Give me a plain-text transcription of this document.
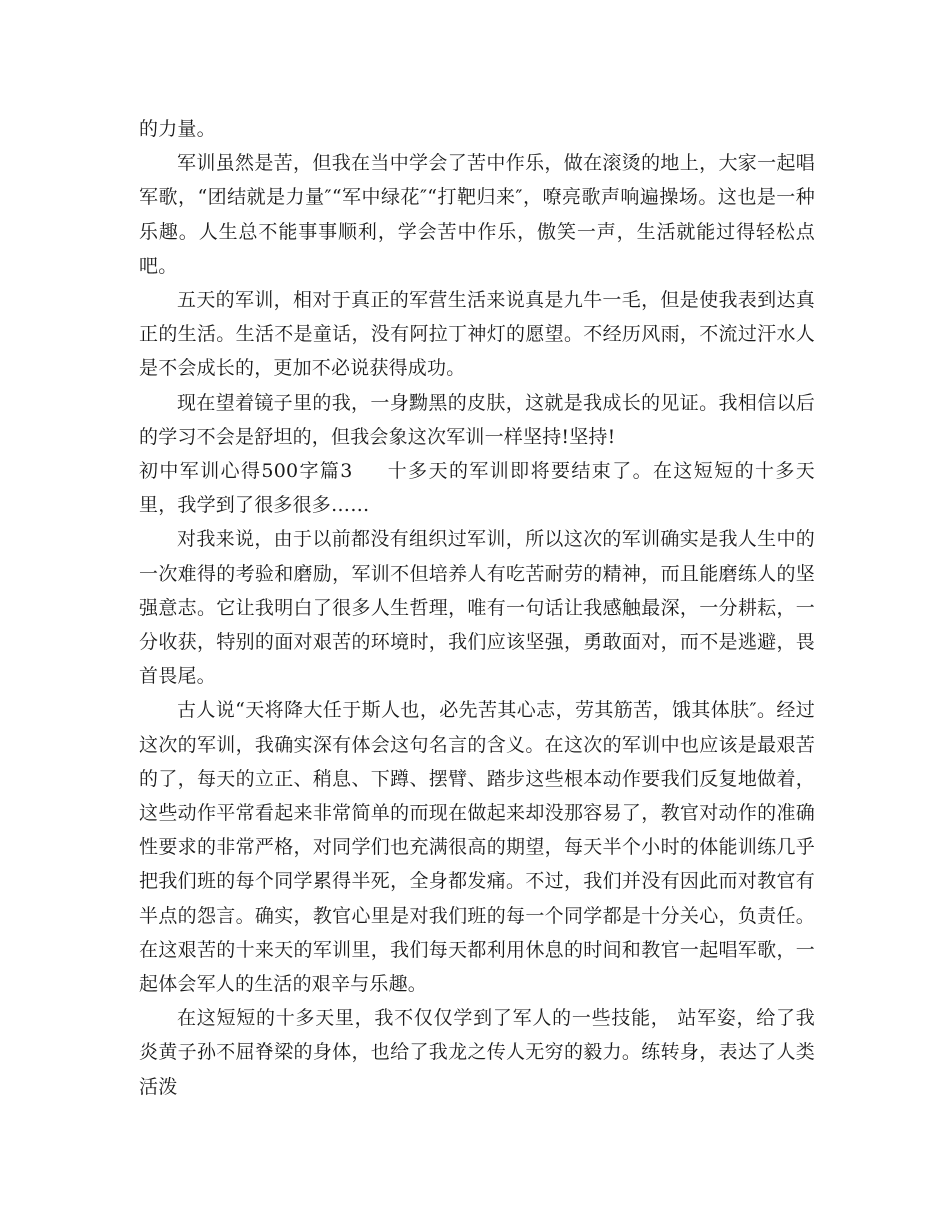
的力量。

军训虽然是苦，但我在当中学会了苦中作乐，做在滚烫的地上，大家一起唱军歌，“团结就是力量″“军中绿花″“打靶归来″，嘹亮歌声响遍操场。这也是一种乐趣。人生总不能事事顺利，学会苦中作乐，傲笑一声，生活就能过得轻松点吧。

五天的军训，相对于真正的军营生活来说真是九牛一毛，但是使我表到达真正的生活。生活不是童话，没有阿拉丁神灯的愿望。不经历风雨，不流过汗水人是不会成长的，更加不必说获得成功。

现在望着镜子里的我，一身黝黑的皮肤，这就是我成长的见证。我相信以后的学习不会是舒坦的，但我会象这次军训一样坚持!坚持!

初中军训心得500字篇3 十多天的军训即将要结束了。在这短短的十多天里，我学到了很多很多……

对我来说，由于以前都没有组织过军训，所以这次的军训确实是我人生中的一次难得的考验和磨励，军训不但培养人有吃苦耐劳的精神，而且能磨练人的坚强意志。它让我明白了很多人生哲理，唯有一句话让我感触最深，一分耕耘，一分收获，特别的面对艰苦的环境时，我们应该坚强，勇敢面对，而不是逃避，畏首畏尾。

古人说“天将降大任于斯人也，必先苦其心志，劳其筋苦，饿其体肤″。经过这次的军训，我确实深有体会这句名言的含义。在这次的军训中也应该是最艰苦的了，每天的立正、稍息、下蹲、摆臂、踏步这些根本动作要我们反复地做着，这些动作平常看起来非常简单的而现在做起来却没那容易了，教官对动作的准确性要求的非常严格，对同学们也充满很高的期望，每天半个小时的体能训练几乎把我们班的每个同学累得半死，全身都发痛。不过，我们并没有因此而对教官有半点的怨言。确实，教官心里是对我们班的每一个同学都是十分关心，负责任。在这艰苦的十来天的军训里，我们每天都利用休息的时间和教官一起唱军歌，一起体会军人的生活的艰辛与乐趣。

在这短短的十多天里，我不仅仅学到了军人的一些技能， 站军姿，给了我炎黄子孙不屈脊梁的身体，也给了我龙之传人无穷的毅力。练转身，表达了人类活泼
